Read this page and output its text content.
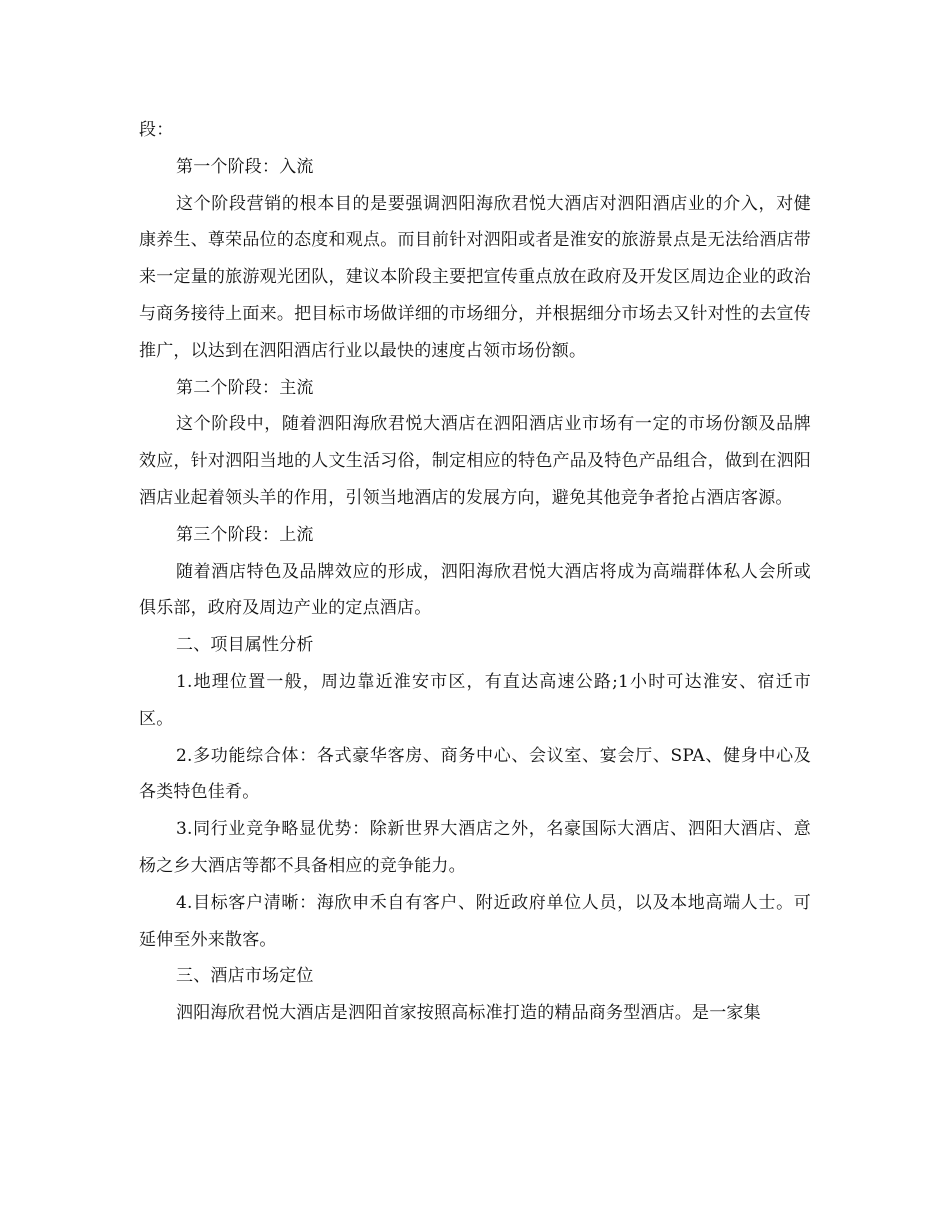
段：

第一个阶段：入流

这个阶段营销的根本目的是要强调泗阳海欣君悦大酒店对泗阳酒店业的介入，对健康养生、尊荣品位的态度和观点。而目前针对泗阳或者是淮安的旅游景点是无法给酒店带来一定量的旅游观光团队，建议本阶段主要把宣传重点放在政府及开发区周边企业的政治与商务接待上面来。把目标市场做详细的市场细分，并根据细分市场去又针对性的去宣传推广，以达到在泗阳酒店行业以最快的速度占领市场份额。

第二个阶段：主流

这个阶段中，随着泗阳海欣君悦大酒店在泗阳酒店业市场有一定的市场份额及品牌效应，针对泗阳当地的人文生活习俗，制定相应的特色产品及特色产品组合，做到在泗阳酒店业起着领头羊的作用，引领当地酒店的发展方向，避免其他竞争者抢占酒店客源。

第三个阶段：上流

随着酒店特色及品牌效应的形成，泗阳海欣君悦大酒店将成为高端群体私人会所或俱乐部，政府及周边产业的定点酒店。

二、项目属性分析

1.地理位置一般，周边靠近淮安市区，有直达高速公路;1小时可达淮安、宿迁市区。

2.多功能综合体：各式豪华客房、商务中心、会议室、宴会厅、SPA、健身中心及各类特色佳肴。

3.同行业竞争略显优势：除新世界大酒店之外，名豪国际大酒店、泗阳大酒店、意杨之乡大酒店等都不具备相应的竞争能力。

4.目标客户清晰：海欣申禾自有客户、附近政府单位人员，以及本地高端人士。可延伸至外来散客。

三、酒店市场定位

泗阳海欣君悦大酒店是泗阳首家按照高标准打造的精品商务型酒店。是一家集
